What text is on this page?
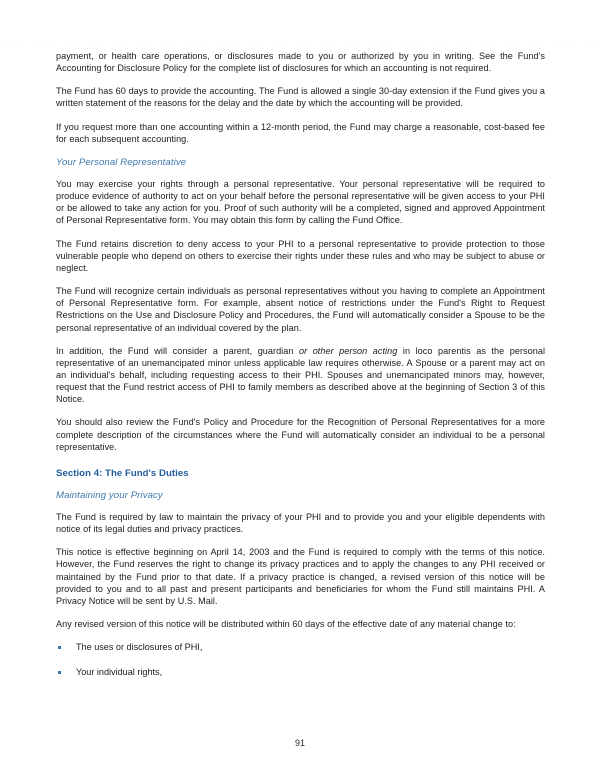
payment, or health care operations, or disclosures made to you or authorized by you in writing. See the Fund's Accounting for Disclosure Policy for the complete list of disclosures for which an accounting is not required.

The Fund has 60 days to provide the accounting. The Fund is allowed a single 30-day extension if the Fund gives you a written statement of the reasons for the delay and the date by which the accounting will be provided.

If you request more than one accounting within a 12-month period, the Fund may charge a reasonable, cost-based fee for each subsequent accounting.

Your Personal Representative

You may exercise your rights through a personal representative. Your personal representative will be required to produce evidence of authority to act on your behalf before the personal representative will be given access to your PHI or be allowed to take any action for you. Proof of such authority will be a completed, signed and approved Appointment of Personal Representative form. You may obtain this form by calling the Fund Office.

The Fund retains discretion to deny access to your PHI to a personal representative to provide protection to those vulnerable people who depend on others to exercise their rights under these rules and who may be subject to abuse or neglect.

The Fund will recognize certain individuals as personal representatives without you having to complete an Appointment of Personal Representative form. For example, absent notice of restrictions under the Fund's Right to Request Restrictions on the Use and Disclosure Policy and Procedures, the Fund will automatically consider a Spouse to be the personal representative of an individual covered by the plan.

In addition, the Fund will consider a parent, guardian or other person acting in loco parentis as the personal representative of an unemancipated minor unless applicable law requires otherwise. A Spouse or a parent may act on an individual's behalf, including requesting access to their PHI. Spouses and unemancipated minors may, however, request that the Fund restrict access of PHI to family members as described above at the beginning of Section 3 of this Notice.

You should also review the Fund's Policy and Procedure for the Recognition of Personal Representatives for a more complete description of the circumstances where the Fund will automatically consider an individual to be a personal representative.

Section 4: The Fund's Duties
Maintaining your Privacy

The Fund is required by law to maintain the privacy of your PHI and to provide you and your eligible dependents with notice of its legal duties and privacy practices.

This notice is effective beginning on April 14, 2003 and the Fund is required to comply with the terms of this notice. However, the Fund reserves the right to change its privacy practices and to apply the changes to any PHI received or maintained by the Fund prior to that date. If a privacy practice is changed, a revised version of this notice will be provided to you and to all past and present participants and beneficiaries for whom the Fund still maintains PHI. A Privacy Notice will be sent by U.S. Mail.

Any revised version of this notice will be distributed within 60 days of the effective date of any material change to:

The uses or disclosures of PHI,
Your individual rights,
91
